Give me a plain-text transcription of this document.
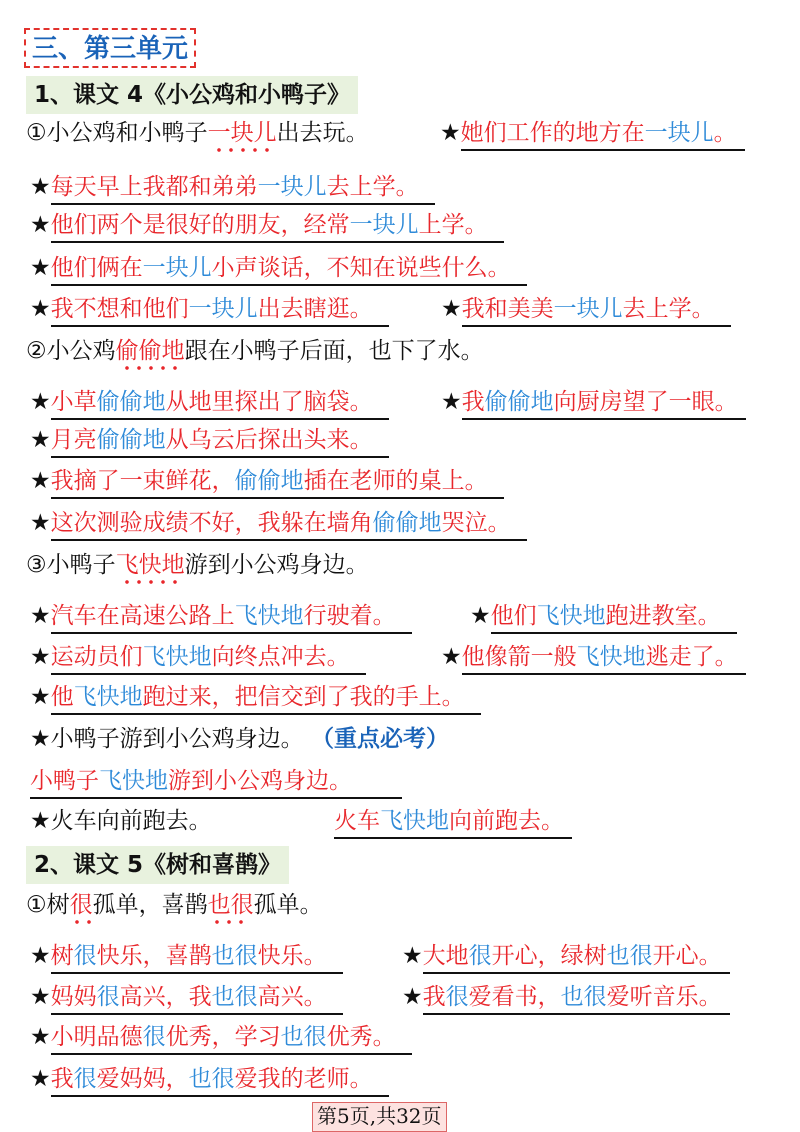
三、第三单元
1、课文 4《小公鸡和小鸭子》
①小公鸡和小鸭子一块儿出去玩。	★她们工作的地方在一块儿。
★每天早上我都和弟弟一块儿去上学。
★他们两个是很好的朋友，经常一块儿上学。
★他们俩在一块儿小声谈话，不知在说些什么。
★我不想和他们一块儿出去瞎逛。	★我和美美一块儿去上学。
②小公鸡偷偷地跟在小鸭子后面，也下了水。
★小草偷偷地从地里探出了脑袋。	★我偷偷地向厨房望了一眼。
★月亮偷偷地从乌云后探出头来。
★我摘了一束鲜花，偷偷地插在老师的桌上。
★这次测验成绩不好，我躲在墙角偷偷地哭泣。
③小鸭子飞快地游到小公鸡身边。
★汽车在高速公路上飞快地行驶着。	★他们飞快地跑进教室。
★运动员们飞快地向终点冲去。	★他像箭一般飞快地逃走了。
★他飞快地跑过来，把信交到了我的手上。
★小鸭子游到小公鸡身边。 （重点必考）
小鸭子飞快地游到小公鸡身边。
★火车向前跑去。	火车飞快地向前跑去。
2、课文 5《树和喜鹊》
①树很孤单，喜鹊也很孤单。
★树很快乐，喜鹊也很快乐。	★大地很开心，绿树也很开心。
★妈妈很高兴，我也很高兴。	★我很爱看书，也很爱听音乐。
★小明品德很优秀，学习也很优秀。
★我很爱妈妈，也很爱我的老师。
第5页,共32页
